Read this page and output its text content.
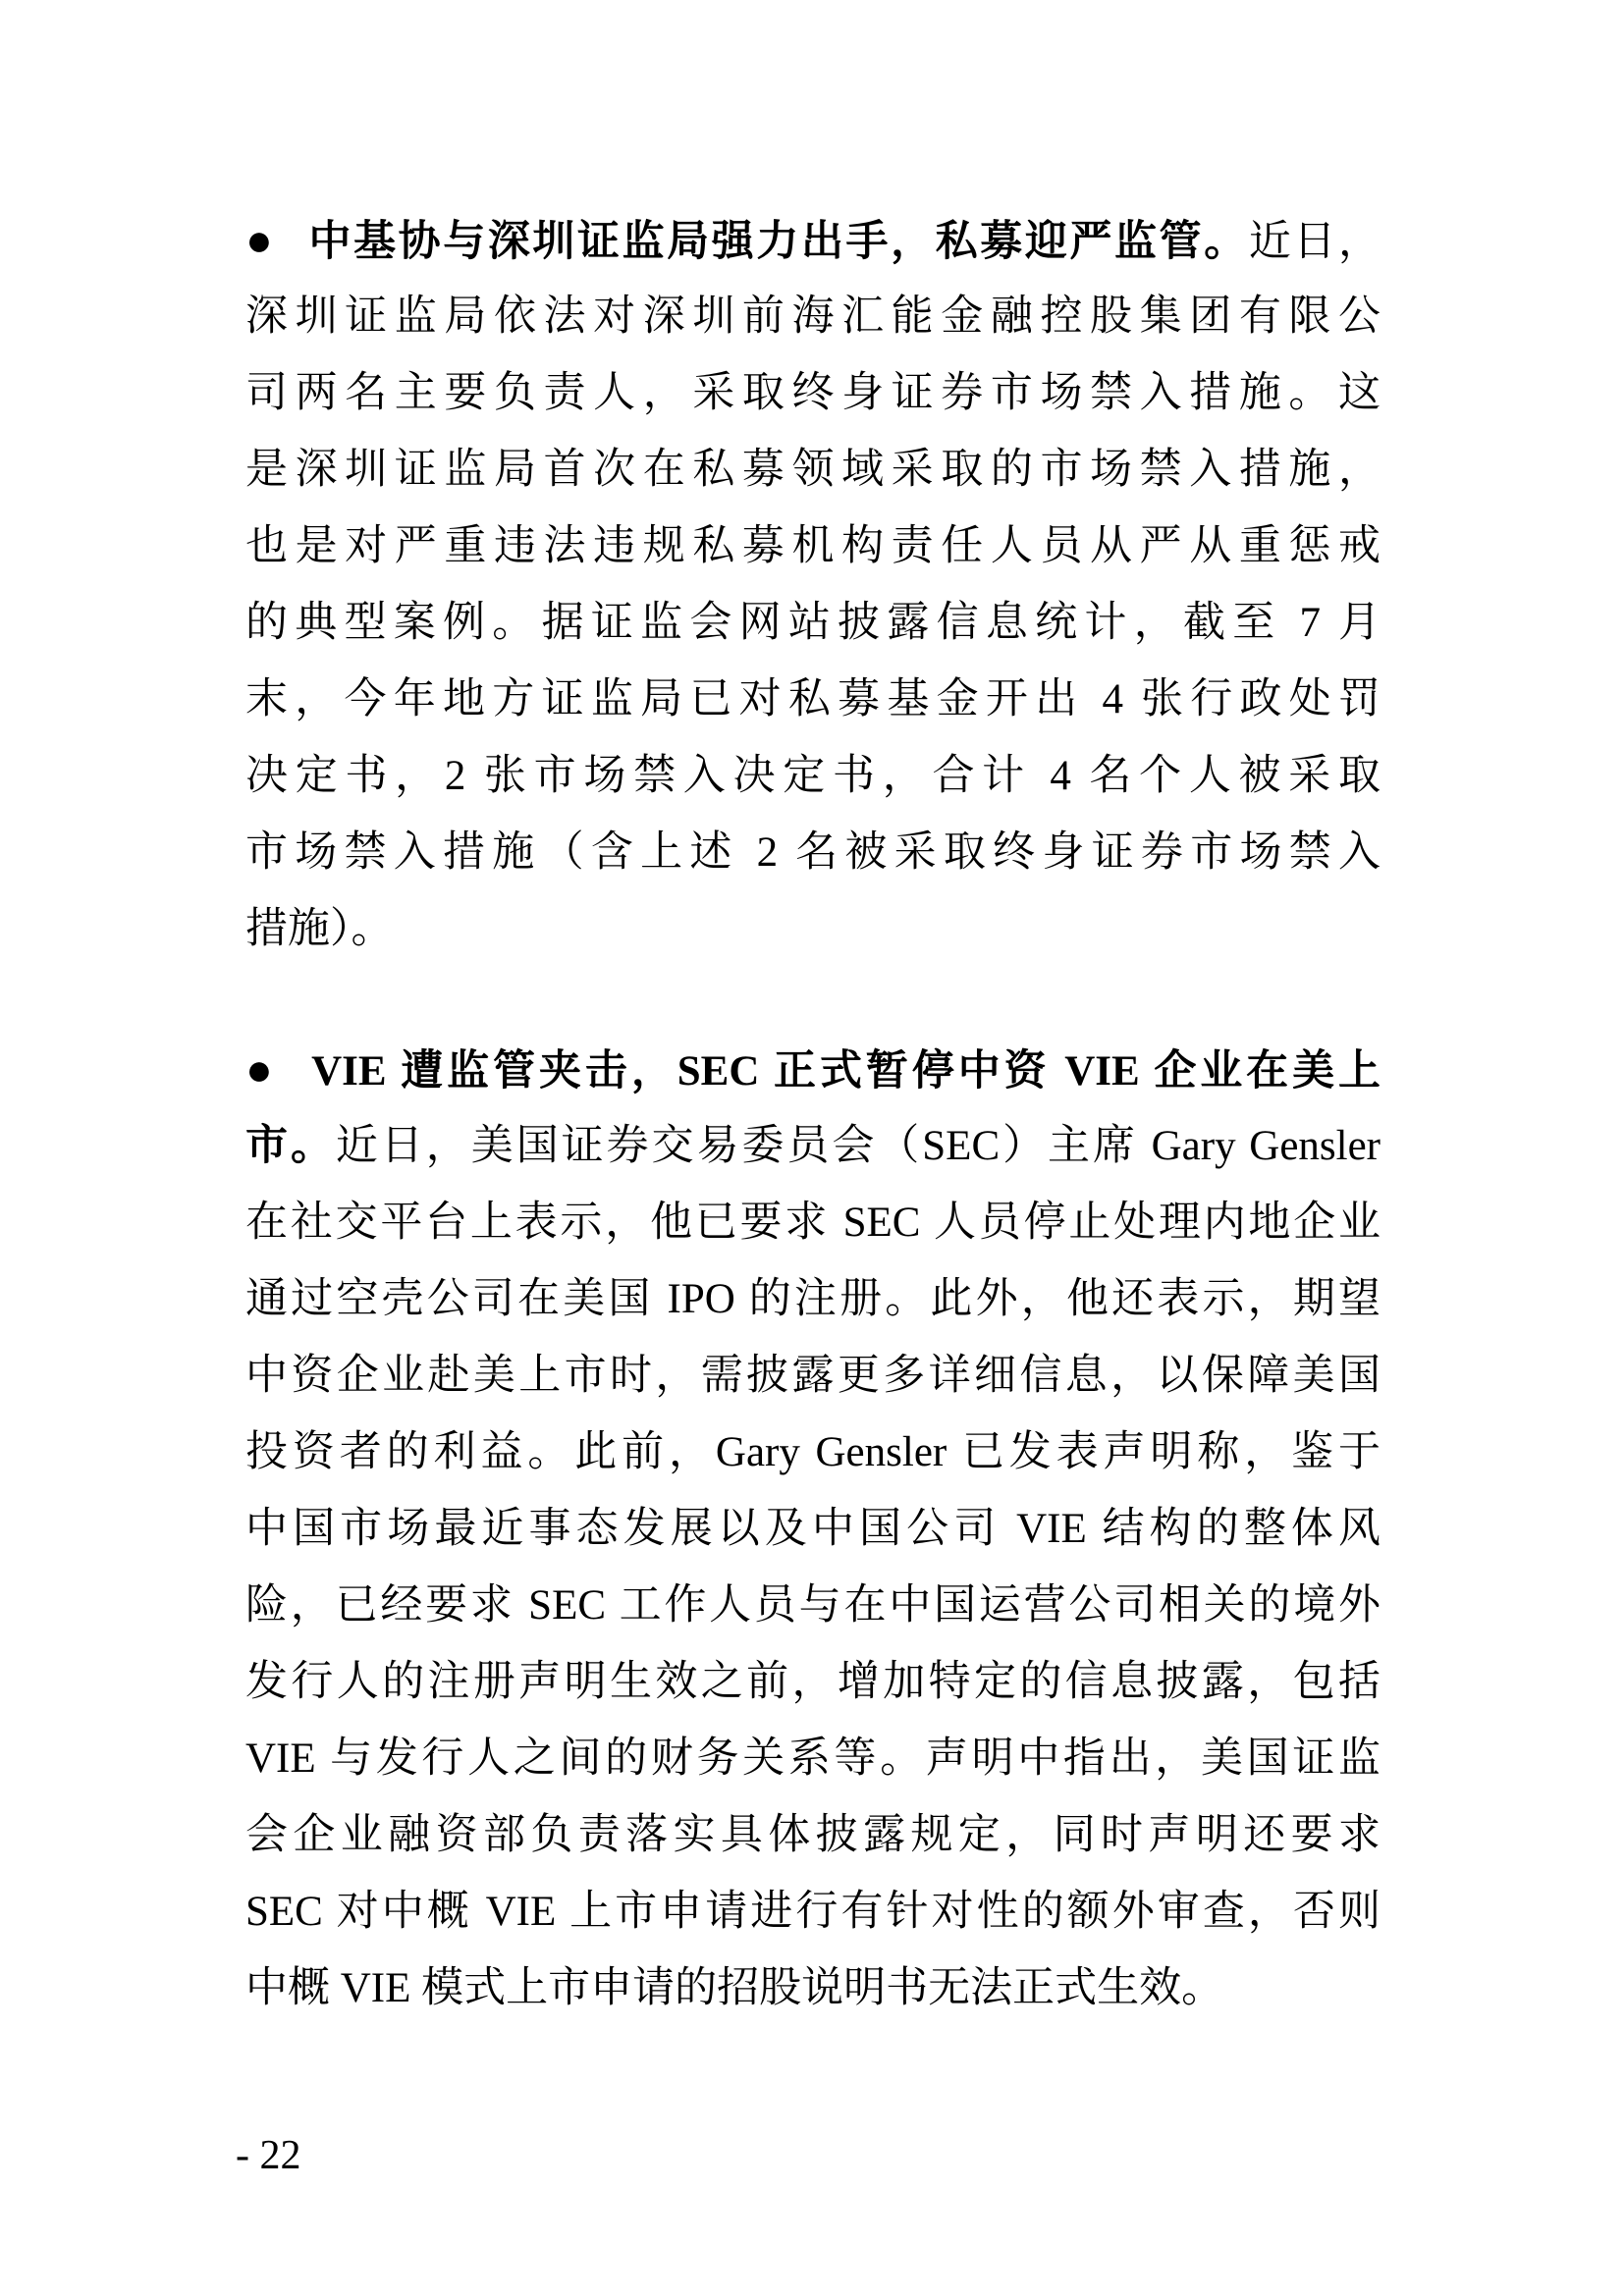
● 中基协与深圳证监局强力出手，私募迎严监管。近日，
深圳证监局依法对深圳前海汇能金融控股集团有限公
司两名主要负责人，采取终身证券市场禁入措施。这
是深圳证监局首次在私募领域采取的市场禁入措施，
也是对严重违法违规私募机构责任人员从严从重惩戒
的典型案例。据证监会网站披露信息统计，截至 7 月
末，今年地方证监局已对私募基金开出 4 张行政处罚
决定书，2 张市场禁入决定书，合计 4 名个人被采取
市场禁入措施（含上述 2 名被采取终身证券市场禁入
措施）。
● VIE 遭监管夹击，SEC 正式暂停中资 VIE 企业在美上
市。近日，美国证券交易委员会（SEC）主席 Gary Gensler
在社交平台上表示，他已要求 SEC 人员停止处理内地企业
通过空壳公司在美国 IPO 的注册。此外，他还表示，期望
中资企业赴美上市时，需披露更多详细信息，以保障美国
投资者的利益。此前，Gary Gensler 已发表声明称，鉴于
中国市场最近事态发展以及中国公司 VIE 结构的整体风
险，已经要求 SEC 工作人员与在中国运营公司相关的境外
发行人的注册声明生效之前，增加特定的信息披露，包括
VIE 与发行人之间的财务关系等。声明中指出，美国证监
会企业融资部负责落实具体披露规定，同时声明还要求
SEC 对中概 VIE 上市申请进行有针对性的额外审查，否则
中概 VIE 模式上市申请的招股说明书无法正式生效。
- 22
